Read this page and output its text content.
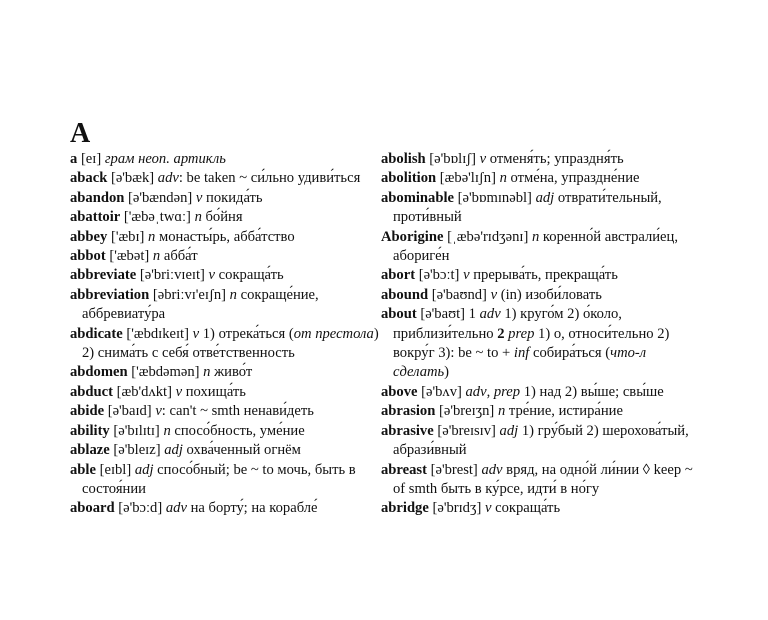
A
a [eɪ] грам неоп. артикль
aback [ə'bæk] adv: be taken ~ си́льно удиви́ться
abandon [ə'bændən] v покида́ть
abattoir ['æbəˌtwɑː] n бо́йня
abbey ['æbɪ] n монасты́рь, абба́тство
abbot ['æbət] n абба́т
abbreviate [ə'briːvɪeɪt] v сокраща́ть
abbreviation [əbriːvɪ'eɪʃn] n сокраще́ние, аббревиату́ра
abdicate ['æbdɪkeɪt] v 1) отрека́ться (от престола) 2) снима́ть с себя́ отве́тственность
abdomen ['æbdəmən] n живо́т
abduct [æb'dʌkt] v похища́ть
abide [ə'baɪd] v: can't ~ smth ненави́деть
ability [ə'bɪlɪtɪ] n спосо́бность, уме́ние
ablaze [ə'bleɪz] adj охва́ченный огнём
able [eɪbl] adj спосо́бный; be ~ to мочь, быть в состоя́нии
aboard [ə'bɔːd] adv на борту́; на корабле́
abolish [ə'bɒlɪʃ] v отменя́ть; упраздня́ть
abolition [æbə'lɪʃn] n отме́на, упраздне́ние
abominable [ə'bɒmɪnəbl] adj отврати́тельный, проти́вный
Aborigine [ˌæbə'rɪdʒənɪ] n коренно́й австрали́ец, абориге́н
abort [ə'bɔːt] v прерыва́ть, прекраща́ть
abound [ə'baʊnd] v (in) изоби́ловать
about [ə'baʊt] 1 adv 1) круго́м 2) о́коло, приблизи́тельно 2 prep 1) о, относи́тельно 2) вокру́г 3): be ~ to + inf собира́ться (что-л сделать)
above [ə'bʌv] adv, prep 1) над 2) вы́ше; свы́ше
abrasion [ə'breɪʒn] n тре́ние, истира́ние
abrasive [ə'breɪsɪv] adj 1) гру́бый 2) шерохова́тый, абрази́вный
abreast [ə'brest] adv вряд, на одно́й ли́нии ◊ keep ~ of smth быть в ку́рсе, идти́ в но́гу
abridge [ə'brɪdʒ] v сокраща́ть
